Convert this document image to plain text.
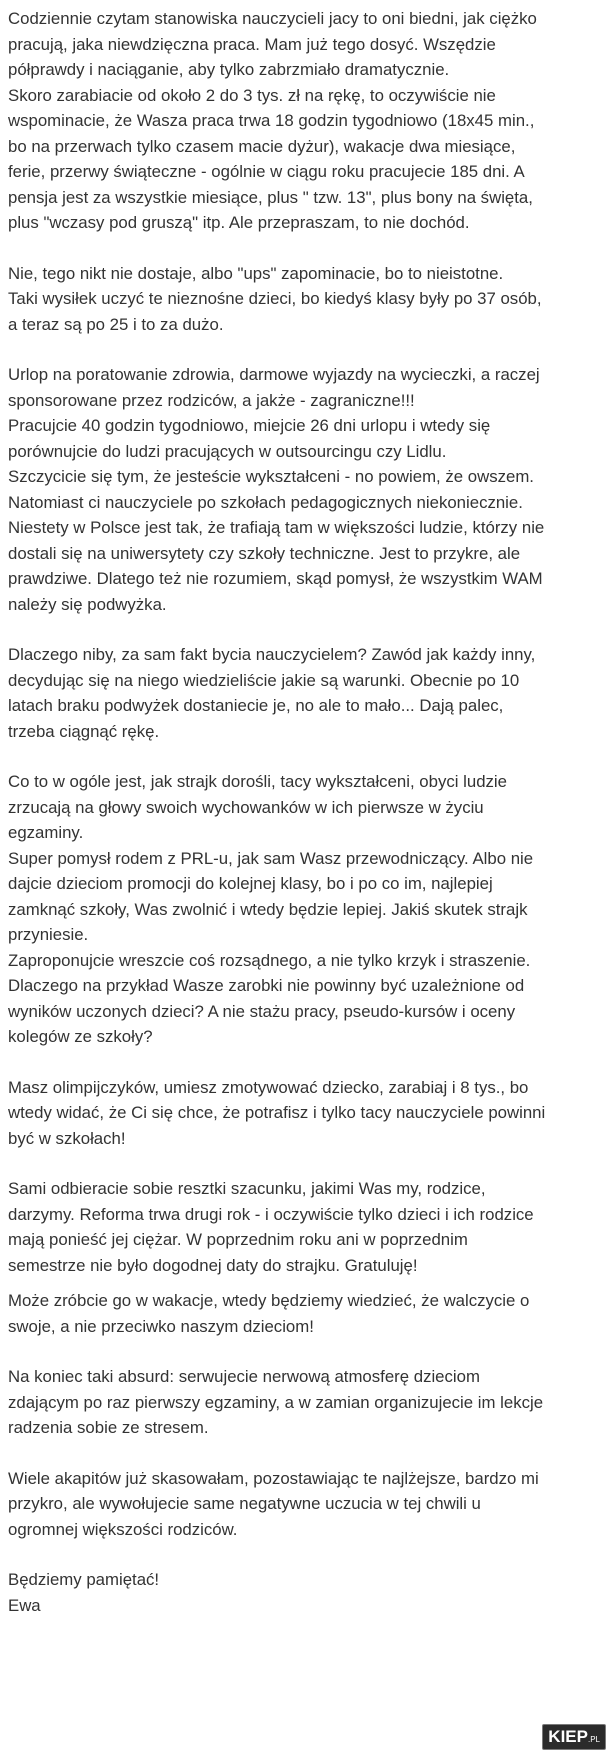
Codziennie czytam stanowiska nauczycieli jacy to oni biedni, jak ciężko
pracują, jaka niewdzięczna praca. Mam już tego dosyć. Wszędzie
półprawdy i naciąganie, aby tylko zabrzmiało dramatycznie.
Skoro zarabiacie od około 2 do 3 tys. zł na rękę, to oczywiście nie
wspominacie, że Wasza praca trwa 18 godzin tygodniowo (18x45 min.,
bo na przerwach tylko czasem macie dyżur), wakacje dwa miesiące,
ferie, przerwy świąteczne - ogólnie w ciągu roku pracujecie 185 dni. A
pensja jest za wszystkie miesiące, plus " tzw. 13", plus bony na święta,
plus "wczasy pod gruszą" itp. Ale przepraszam, to nie dochód.

Nie, tego nikt nie dostaje, albo "ups" zapominacie, bo to nieistotne.
Taki wysiłek uczyć te nieznośne dzieci, bo kiedyś klasy były po 37 osób,
a teraz są po 25 i to za dużo.

Urlop na poratowanie zdrowia, darmowe wyjazdy na wycieczki, a raczej
sponsorowane przez rodziców, a jakże - zagraniczne!!!
Pracujcie 40 godzin tygodniowo, miejcie 26 dni urlopu i wtedy się
porównujcie do ludzi pracujących w outsourcingu czy Lidlu.
Szczycicie się tym, że jesteście wykształceni - no powiem, że owszem.
Natomiast ci nauczyciele po szkołach pedagogicznych niekoniecznie.
Niestety w Polsce jest tak, że trafiają tam w większości ludzie, którzy nie
dostali się na uniwersytety czy szkoły techniczne. Jest to przykre, ale
prawdziwe. Dlatego też nie rozumiem, skąd pomysł, że wszystkim WAM
należy się podwyżka.

Dlaczego niby, za sam fakt bycia nauczycielem? Zawód jak każdy inny,
decydując się na niego wiedzieliście jakie są warunki. Obecnie po 10
latach braku podwyżek dostaniecie je, no ale to mało... Dają palec,
trzeba ciągnąć rękę.

Co to w ogóle jest, jak strajk dorośli, tacy wykształceni, obyci ludzie
zrzucają na głowy swoich wychowanków w ich pierwsze w życiu
egzaminy.
Super pomysł rodem z PRL-u, jak sam Wasz przewodniczący. Albo nie
dajcie dzieciom promocji do kolejnej klasy, bo i po co im, najlepiej
zamknąć szkoły, Was zwolnić i wtedy będzie lepiej. Jakiś skutek strajk
przyniesie.
Zaproponujcie wreszcie coś rozsądnego, a nie tylko krzyk i straszenie.
Dlaczego na przykład Wasze zarobki nie powinny być uzależnione od
wyników uczonych dzieci? A nie stażu pracy, pseudo-kursów i oceny
kolegów ze szkoły?

Masz olimpijczyków, umiesz zmotywować dziecko, zarabiaj i 8 tys., bo
wtedy widać, że Ci się chce, że potrafisz i tylko tacy nauczyciele powinni
być w szkołach!

Sami odbieracie sobie resztki szacunku, jakimi Was my, rodzice,
darzymy. Reforma trwa drugi rok - i oczywiście tylko dzieci i ich rodzice
mają ponieść jej ciężar. W poprzednim roku ani w poprzednim
semestrze nie było dogodnej daty do strajku. Gratuluję!

Może zróbcie go w wakacje, wtedy będziemy wiedzieć, że walczycie o
swoje, a nie przeciwko naszym dzieciom!

Na koniec taki absurd: serwujecie nerwową atmosferę dzieciom
zdającym po raz pierwszy egzaminy, a w zamian organizujecie im lekcje
radzenia sobie ze stresem.

Wiele akapitów już skasowałam, pozostawiając te najlżejsze, bardzo mi
przykro, ale wywołujecie same negatywne uczucia w tej chwili u
ogromnej większości rodziców.

Będziemy pamiętać!
Ewa

KIEP.PL
